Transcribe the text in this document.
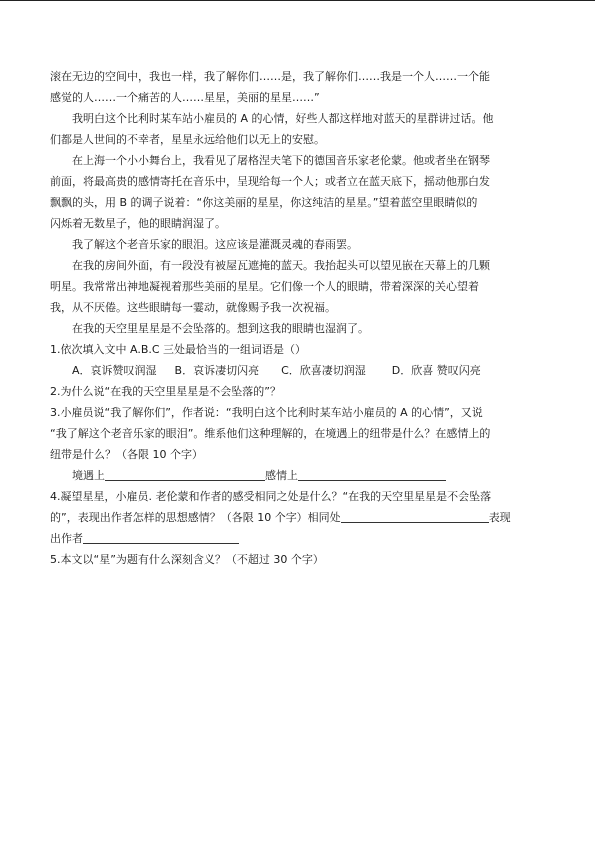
滚在无边的空间中，我也一样，我了解你们……是，我了解你们……我是一个人……一个能
感觉的人……一个痛苦的人……星星，美丽的星星……”
我明白这个比利时某车站小雇员的 A 的心情，好些人都这样地对蓝天的星群讲过话。他
们都是人世间的不幸者，星星永远给他们以无上的安慰。
在上海一个小小舞台上，我看见了屠格涅夫笔下的德国音乐家老伦蒙。他或者坐在钢琴
前面，将最高贵的感情寄托在音乐中，呈现给每一个人；或者立在蓝天底下，摇动他那白发
飘飘的头，用 B 的调子说着：“你这美丽的星星，你这纯洁的星星。”望着蓝空里眼睛似的
闪烁着无数星子，他的眼睛润湿了。
我了解这个老音乐家的眼泪。这应该是灌溉灵魂的春雨罢。
在我的房间外面，有一段没有被屋瓦遮掩的蓝天。我抬起头可以望见嵌在天幕上的几颗
明星。我常常出神地凝视着那些美丽的星星。它们像一个人的眼睛，带着深深的关心望着
我，从不厌倦。这些眼睛每一霎动，就像赐予我一次祝福。
在我的天空里星星是不会坠落的。想到这我的眼睛也湿润了。
1.依次填入文中 A.B.C 三处最恰当的一组词语是（）
A．哀诉赞叹润湿 B．哀诉凄切闪亮 C．欣喜凄切润湿 D．欣喜 赞叹闪亮
2.为什么说“在我的天空里星星是不会坠落的”？
3.小雇员说“我了解你们”，作者说：“我明白这个比利时某车站小雇员的 A 的心情”，又说
“我了解这个老音乐家的眼泪”。维系他们这种理解的，在境遇上的纽带是什么？在感情上的
纽带是什么？（各限 10 个字）
境遇上	感情上
4.凝望星星，小雇员. 老伦蒙和作者的感受相同之处是什么？“在我的天空里星星是不会坠落
的”，表现出作者怎样的思想感情？（各限 10 个字）相同处	表现
出作者
5.本文以“星”为题有什么深刻含义？（不超过 30 个字）
